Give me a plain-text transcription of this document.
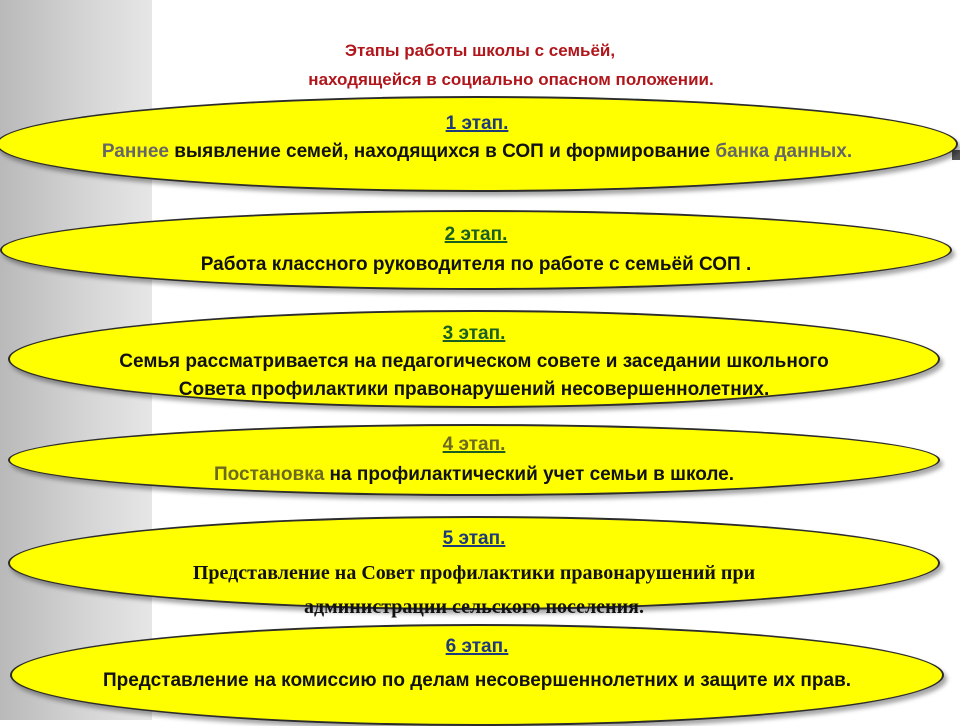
Этапы работы школы с семьёй,
находящейся в социально опасном положении.
1 этап.
Раннее выявление семей, находящихся в СОП и формирование банка данных.
2 этап.
Работа классного руководителя по работе с семьёй СОП .
3 этап.
Семья рассматривается на педагогическом совете и заседании школьного Совета профилактики правонарушений несовершеннолетних.
4 этап.
Постановка на профилактический учет семьи в школе.
5 этап.
Представление на Совет профилактики правонарушений при администрации сельского поселения.
6 этап.
Представление на комиссию по делам несовершеннолетних и защите их прав.
